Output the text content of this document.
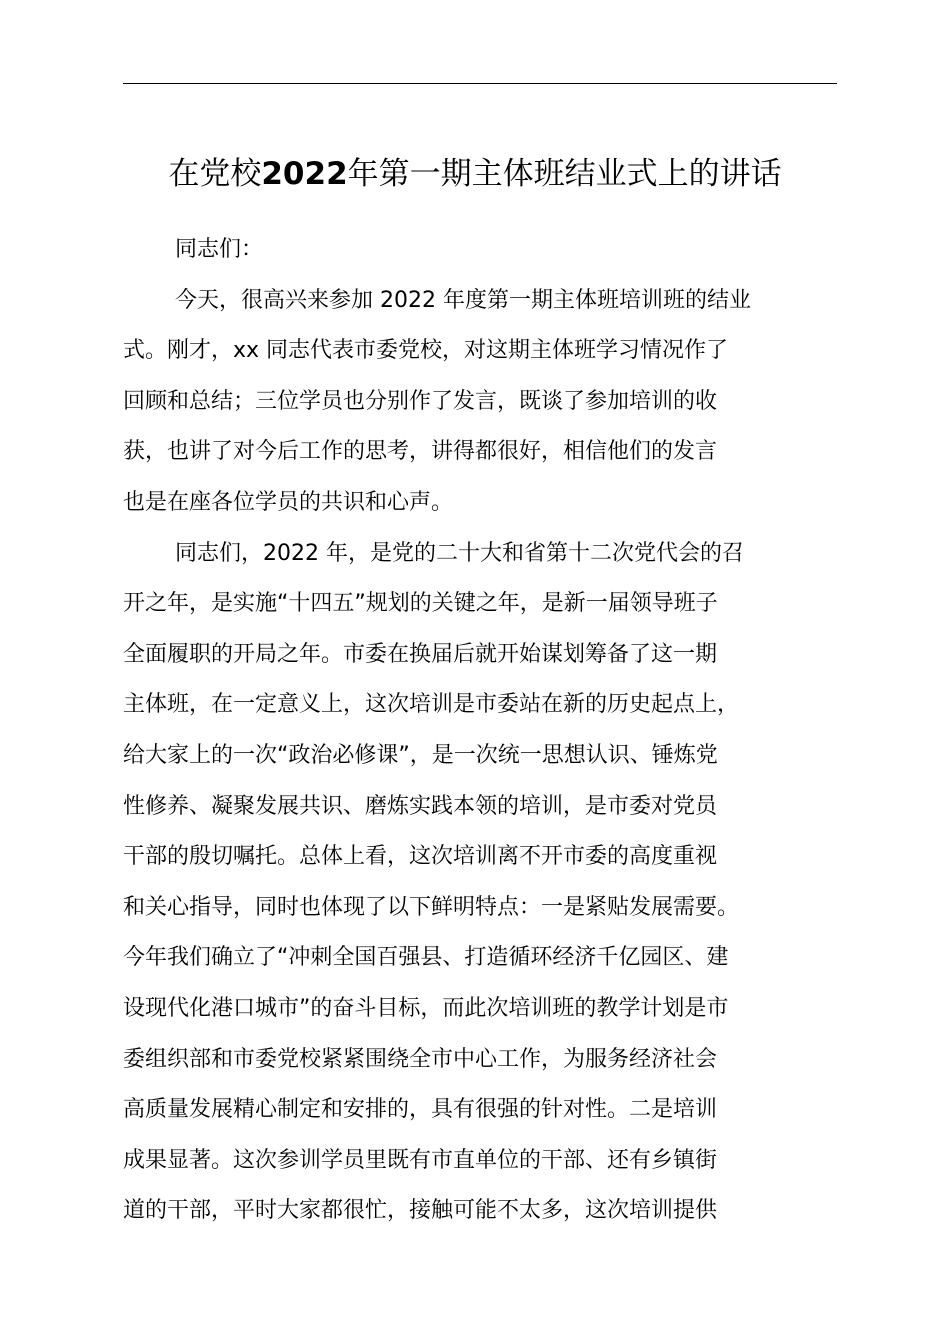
在党校2022年第一期主体班结业式上的讲话
同志们：
今天，很高兴来参加 2022 年度第一期主体班培训班的结业
式。刚才，xx 同志代表市委党校，对这期主体班学习情况作了
回顾和总结；三位学员也分别作了发言，既谈了参加培训的收
获，也讲了对今后工作的思考，讲得都很好，相信他们的发言
也是在座各位学员的共识和心声。
同志们，2022 年，是党的二十大和省第十二次党代会的召
开之年，是实施“十四五”规划的关键之年，是新一届领导班子
全面履职的开局之年。市委在换届后就开始谋划筹备了这一期
主体班，在一定意义上，这次培训是市委站在新的历史起点上，
给大家上的一次“政治必修课”，是一次统一思想认识、锤炼党
性修养、凝聚发展共识、磨炼实践本领的培训，是市委对党员
干部的殷切嘱托。总体上看，这次培训离不开市委的高度重视
和关心指导，同时也体现了以下鲜明特点：一是紧贴发展需要。
今年我们确立了“冲刺全国百强县、打造循环经济千亿园区、建
设现代化港口城市”的奋斗目标，而此次培训班的教学计划是市
委组织部和市委党校紧紧围绕全市中心工作，为服务经济社会
高质量发展精心制定和安排的，具有很强的针对性。二是培训
成果显著。这次参训学员里既有市直单位的干部、还有乡镇街
道的干部，平时大家都很忙，接触可能不太多，这次培训提供
